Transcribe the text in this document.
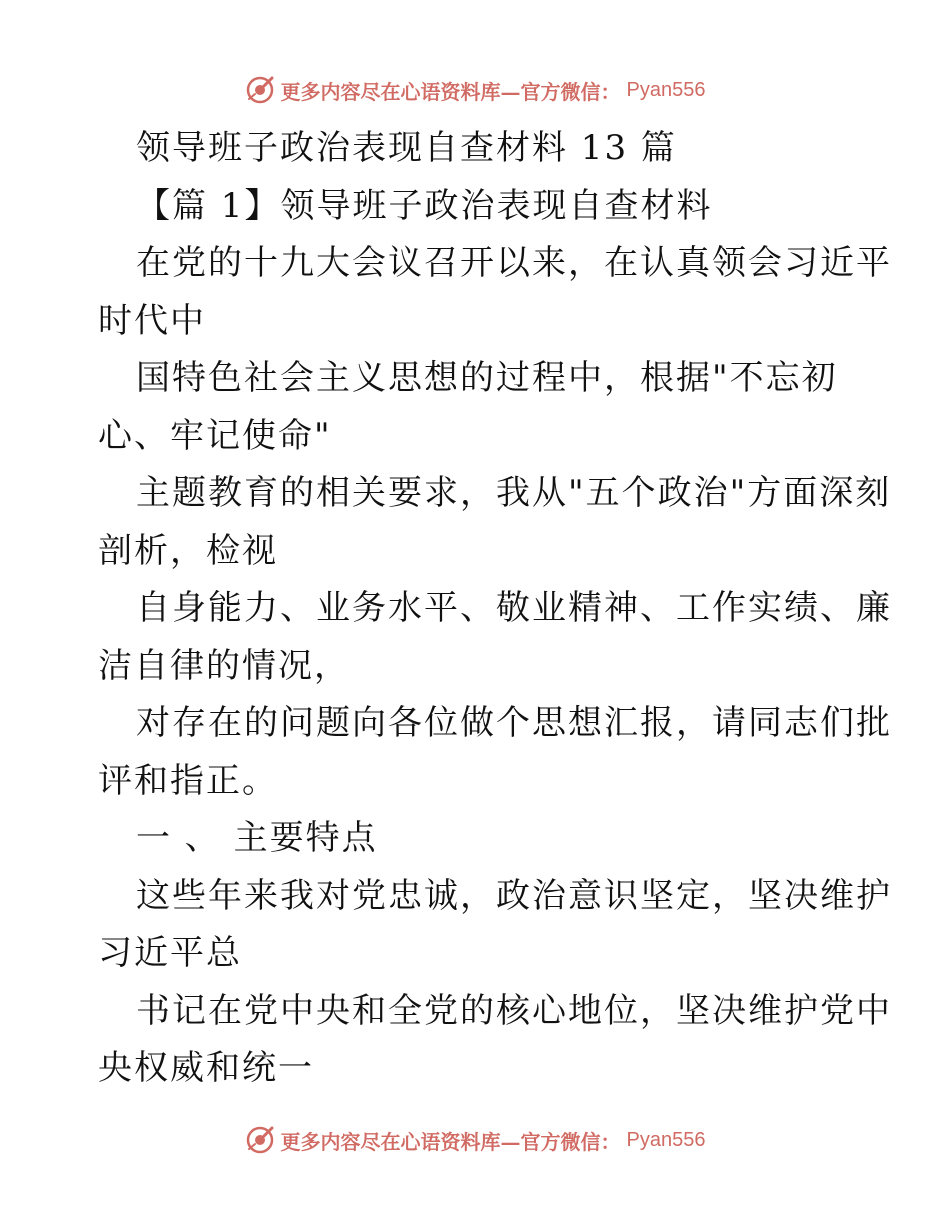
更多内容尽在心语资料库—官方微信： Pyan556
领导班子政治表现自查材料 13 篇
【篇 1】领导班子政治表现自查材料
在党的十九大会议召开以来，在认真领会习近平
时代中
国特色社会主义思想的过程中，根据"不忘初
心、牢记使命"
主题教育的相关要求，我从"五个政治"方面深刻
剖析，检视
自身能力、业务水平、敬业精神、工作实绩、廉
洁自律的情况，
对存在的问题向各位做个思想汇报，请同志们批
评和指正。
一 、 主要特点
这些年来我对党忠诚，政治意识坚定，坚决维护
习近平总
书记在党中央和全党的核心地位，坚决维护党中
央权威和统一
更多内容尽在心语资料库—官方微信： Pyan556
